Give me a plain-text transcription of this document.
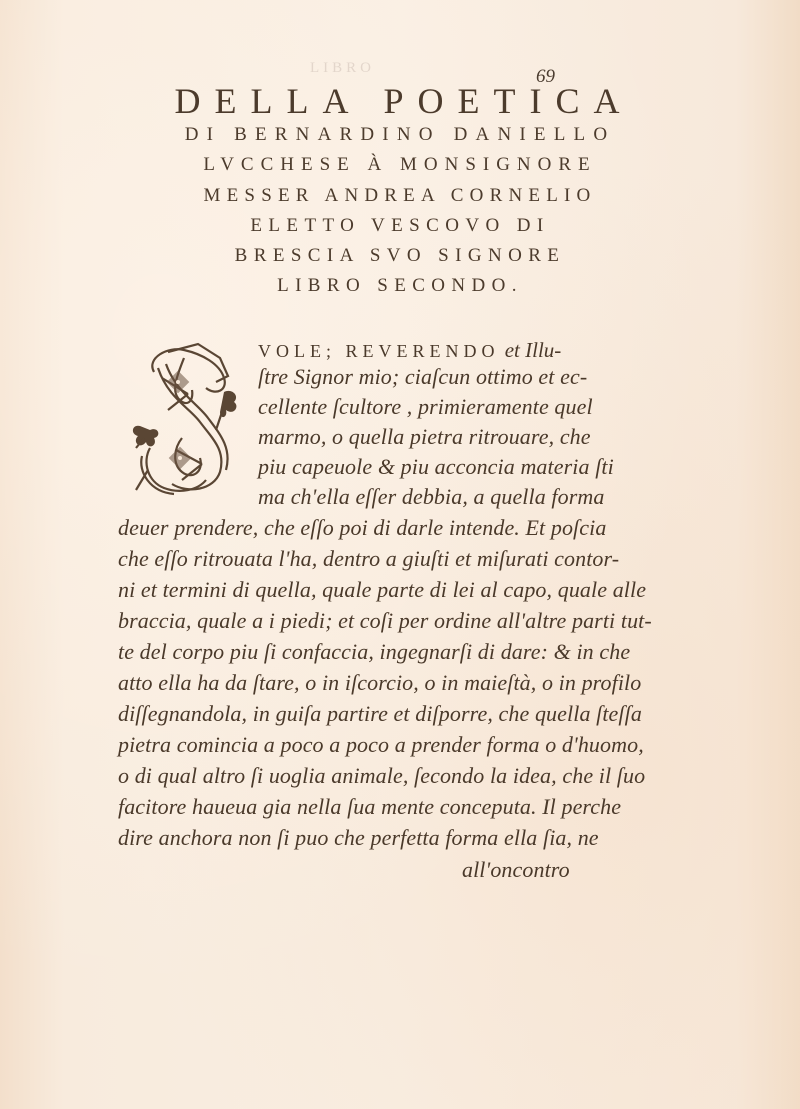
LIBRO	69
DELLA POETICA
DI BERNARDINO DANIELLO
LVCCHESE À MONSIGNORE
MESSER ANDREA CORNELIO
ELETTO VESCOVO DI
BRESCIA SVO SIGNORE
LIBRO SECONDO.
VOLE; REVERENDO et Illu-
ſtre Signor mio; ciaſcun ottimo et ec-
cellente ſcultore , primieramente quel
marmo, o quella pietra ritrouare, che
piu capeuole & piu acconcia materia ſti
ma ch'ella eſſer debbia, a quella forma
deuer prendere, che eſſo poi di darle intende. Et poſcia
che eſſo ritrouata l'ha, dentro a giuſti et miſurati contor-
ni et termini di quella, quale parte di lei al capo, quale alle
braccia, quale a i piedi; et coſi per ordine all'altre parti tut-
te del corpo piu ſi confaccia, ingegnarſi di dare: & in che
atto ella ha da ſtare, o in iſcorcio, o in maieſtà, o in profilo
diſſegnandola, in guiſa partire et diſporre, che quella ſteſſa
pietra comincia a poco a poco a prender forma o d'huomo,
o di qual altro ſi uoglia animale, ſecondo la idea, che il ſuo
facitore haueua gia nella ſua mente conceputa. Il perche
dire anchora non ſi puo che perfetta forma ella ſia, ne
all'oncontro
